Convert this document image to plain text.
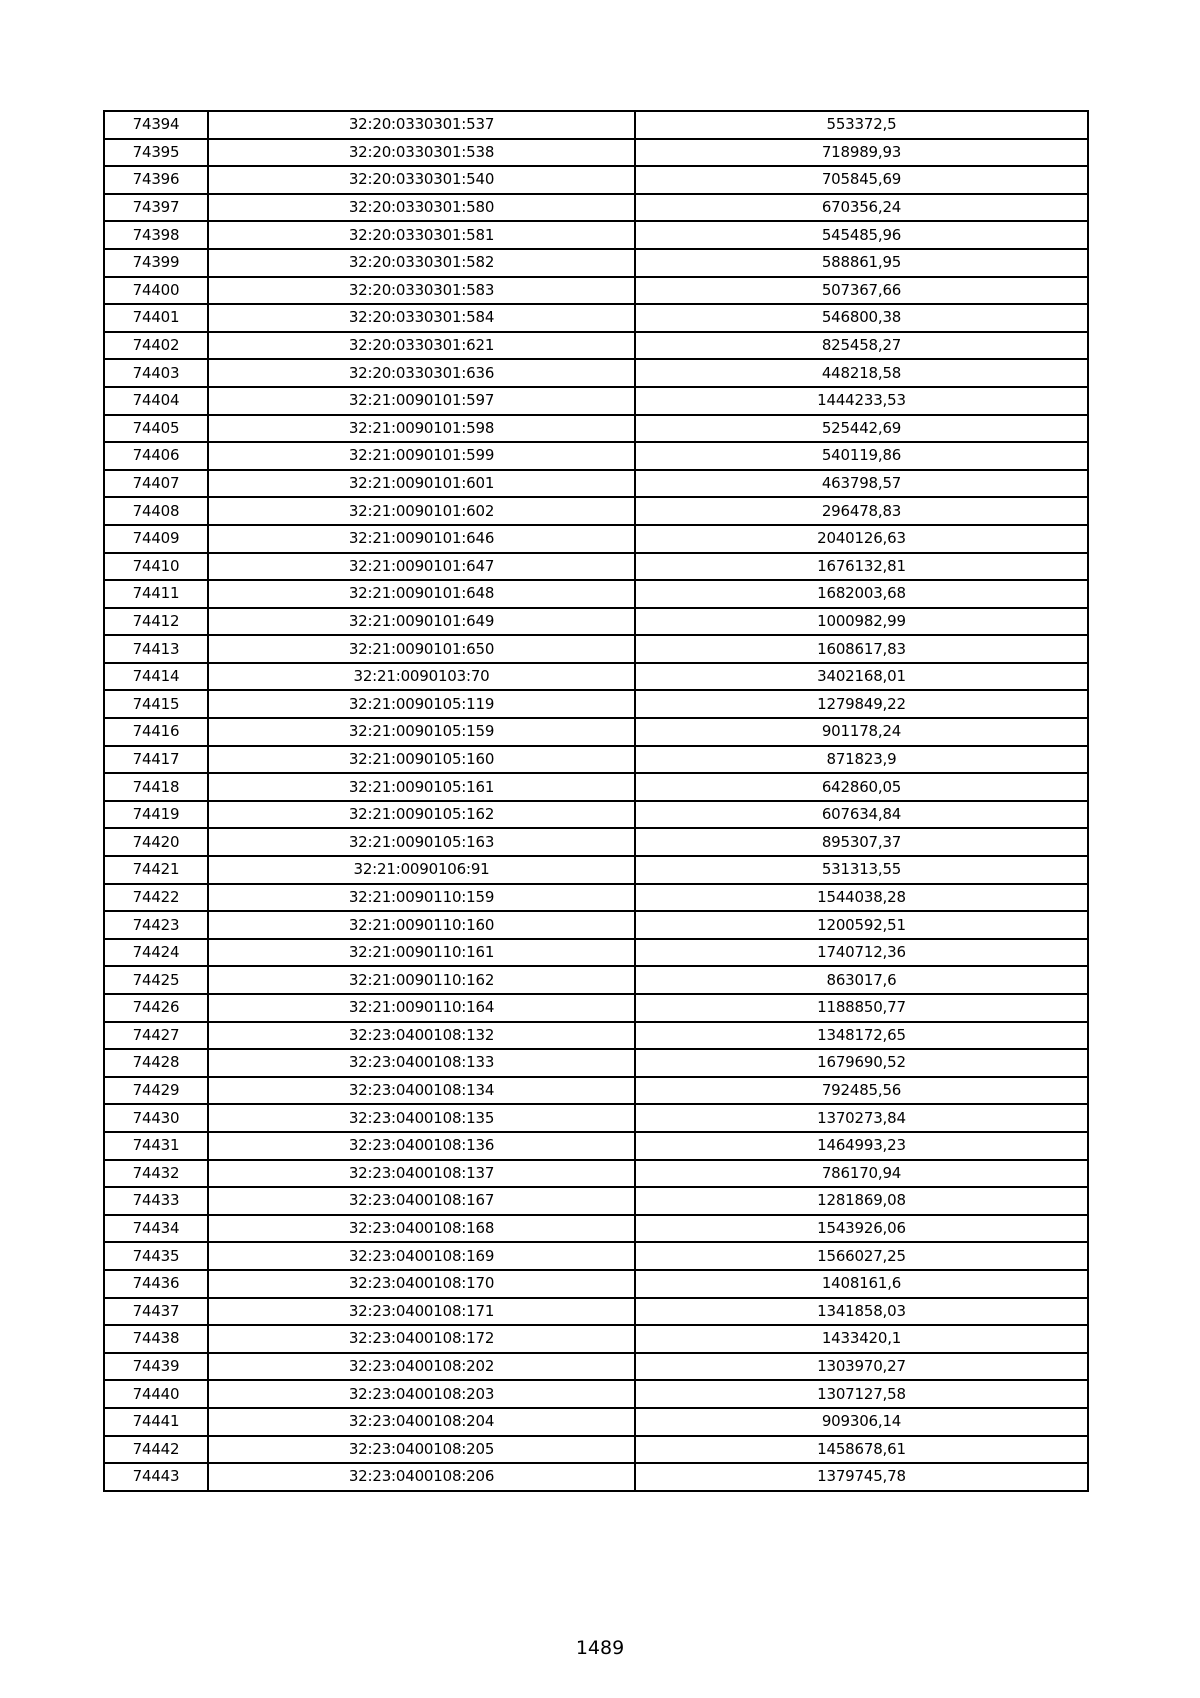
74394	32:20:0330301:537	553372,5
74395	32:20:0330301:538	718989,93
74396	32:20:0330301:540	705845,69
74397	32:20:0330301:580	670356,24
74398	32:20:0330301:581	545485,96
74399	32:20:0330301:582	588861,95
74400	32:20:0330301:583	507367,66
74401	32:20:0330301:584	546800,38
74402	32:20:0330301:621	825458,27
74403	32:20:0330301:636	448218,58
74404	32:21:0090101:597	1444233,53
74405	32:21:0090101:598	525442,69
74406	32:21:0090101:599	540119,86
74407	32:21:0090101:601	463798,57
74408	32:21:0090101:602	296478,83
74409	32:21:0090101:646	2040126,63
74410	32:21:0090101:647	1676132,81
74411	32:21:0090101:648	1682003,68
74412	32:21:0090101:649	1000982,99
74413	32:21:0090101:650	1608617,83
74414	32:21:0090103:70	3402168,01
74415	32:21:0090105:119	1279849,22
74416	32:21:0090105:159	901178,24
74417	32:21:0090105:160	871823,9
74418	32:21:0090105:161	642860,05
74419	32:21:0090105:162	607634,84
74420	32:21:0090105:163	895307,37
74421	32:21:0090106:91	531313,55
74422	32:21:0090110:159	1544038,28
74423	32:21:0090110:160	1200592,51
74424	32:21:0090110:161	1740712,36
74425	32:21:0090110:162	863017,6
74426	32:21:0090110:164	1188850,77
74427	32:23:0400108:132	1348172,65
74428	32:23:0400108:133	1679690,52
74429	32:23:0400108:134	792485,56
74430	32:23:0400108:135	1370273,84
74431	32:23:0400108:136	1464993,23
74432	32:23:0400108:137	786170,94
74433	32:23:0400108:167	1281869,08
74434	32:23:0400108:168	1543926,06
74435	32:23:0400108:169	1566027,25
74436	32:23:0400108:170	1408161,6
74437	32:23:0400108:171	1341858,03
74438	32:23:0400108:172	1433420,1
74439	32:23:0400108:202	1303970,27
74440	32:23:0400108:203	1307127,58
74441	32:23:0400108:204	909306,14
74442	32:23:0400108:205	1458678,61
74443	32:23:0400108:206	1379745,78
1489
